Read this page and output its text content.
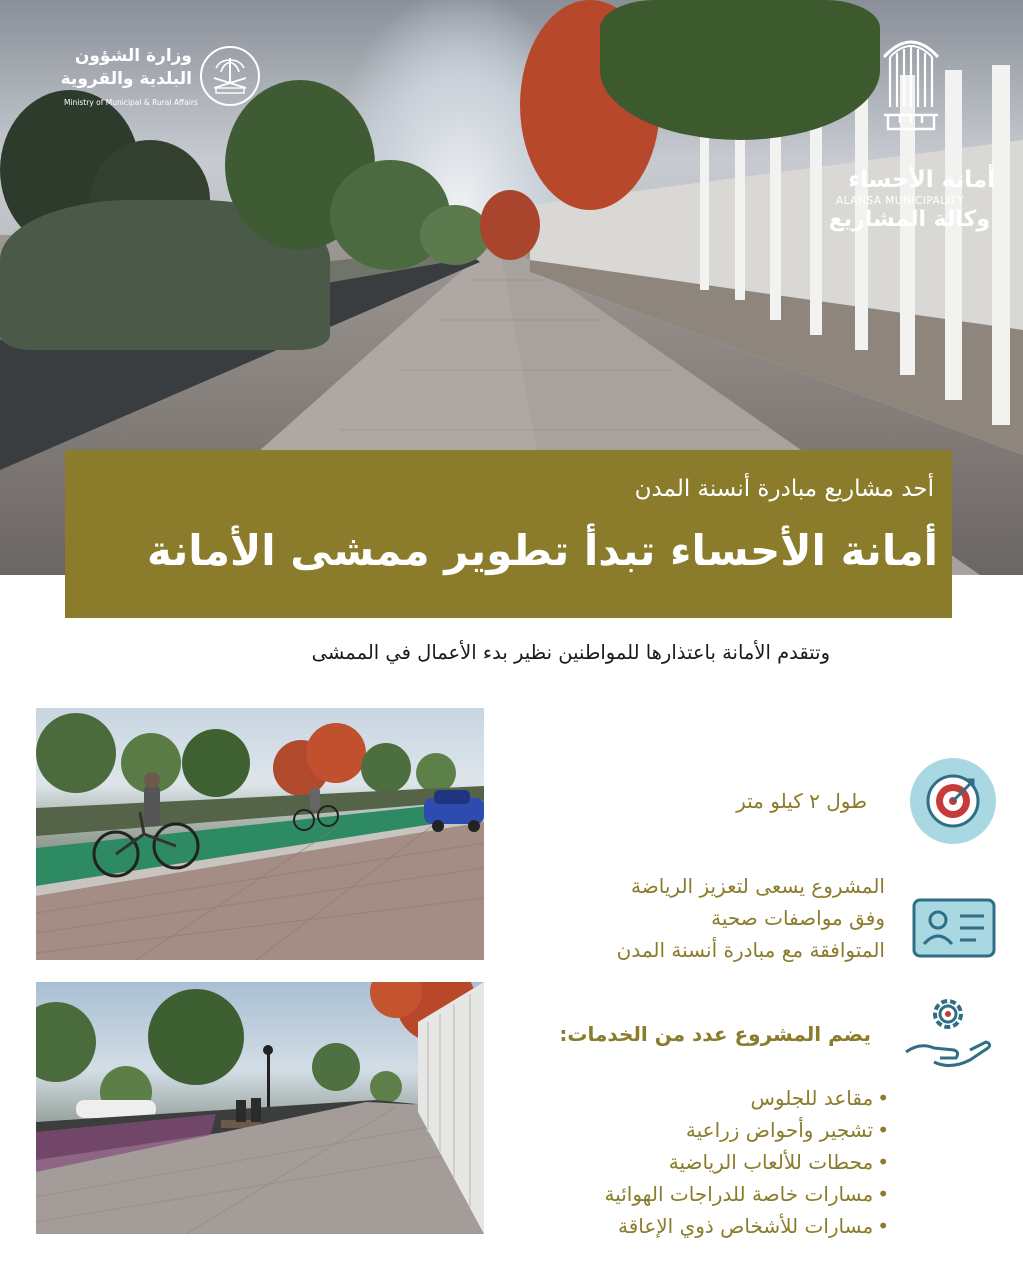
وزارة الشؤون
البلدية والقروية
Ministry of Municipal & Rural Affairs
أمانة الأحساء
ALAHSA MUNICIPALITY
وكالة المشاريع
أحد مشاريع مبادرة أنسنة المدن
أمانة الأحساء تبدأ تطوير ممشى الأمانة
وتتقدم الأمانة باعتذارها للمواطنين نظير بدء الأعمال في الممشى
طول ٢ كيلو متر
المشروع يسعى لتعزيز الرياضة
وفق مواصفات صحية
المتوافقة مع مبادرة أنسنة المدن
يضم المشروع عدد من الخدمات:
•مقاعد للجلوس
•تشجير وأحواض زراعية
•محطات للألعاب الرياضية
•مسارات خاصة للدراجات الهوائية
•مسارات للأشخاص ذوي الإعاقة
